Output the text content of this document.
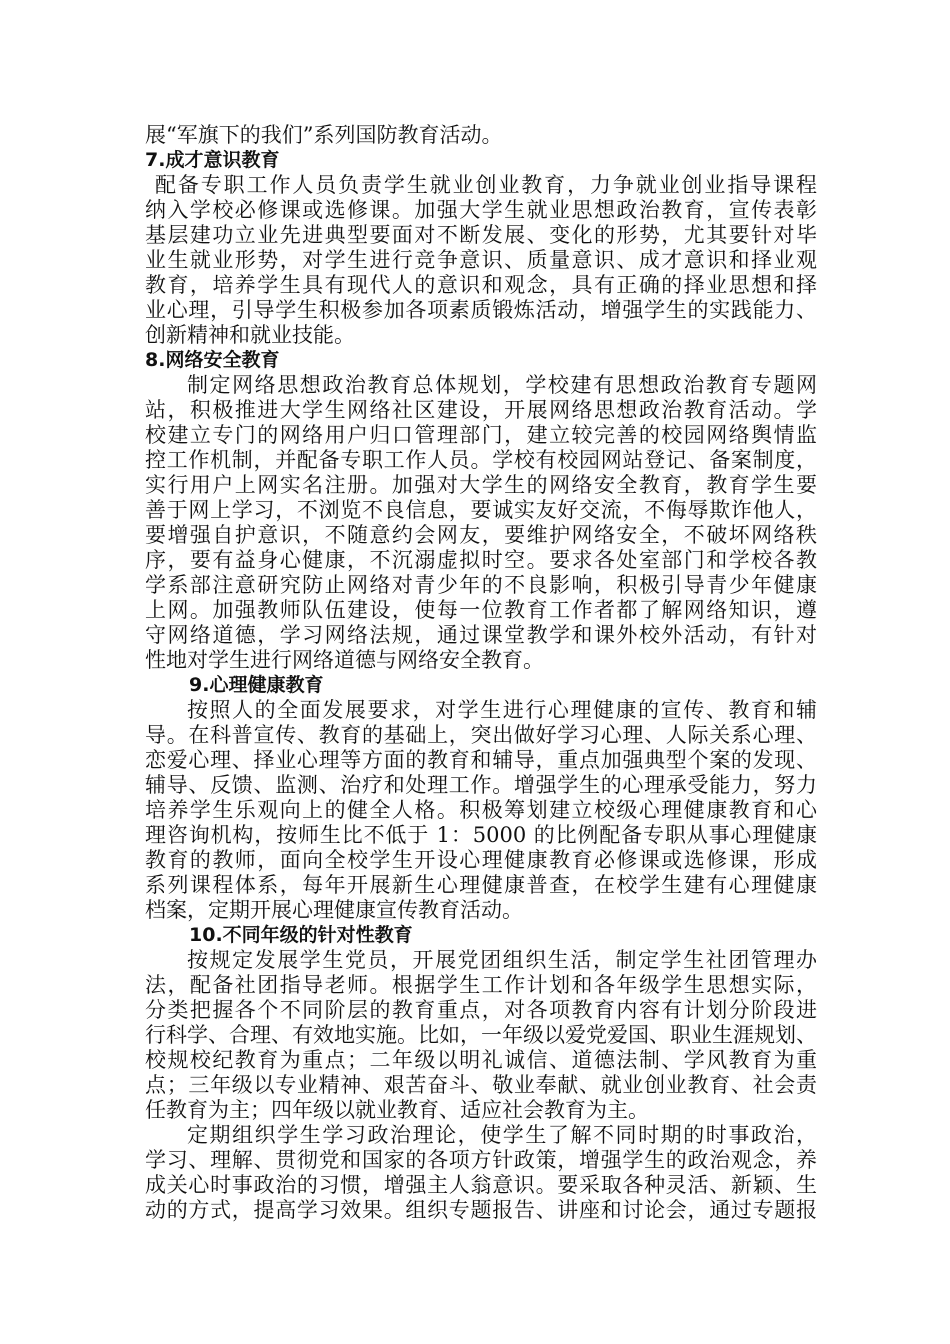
展“军旗下的我们”系列国防教育活动。
7.成才意识教育
配备专职工作人员负责学生就业创业教育，力争就业创业指导课程
纳入学校必修课或选修课。加强大学生就业思想政治教育，宣传表彰
基层建功立业先进典型要面对不断发展、变化的形势，尤其要针对毕
业生就业形势，对学生进行竞争意识、质量意识、成才意识和择业观
教育，培养学生具有现代人的意识和观念，具有正确的择业思想和择
业心理，引导学生积极参加各项素质锻炼活动，增强学生的实践能力、
创新精神和就业技能。
8.网络安全教育
制定网络思想政治教育总体规划，学校建有思想政治教育专题网
站，积极推进大学生网络社区建设，开展网络思想政治教育活动。学
校建立专门的网络用户归口管理部门，建立较完善的校园网络舆情监
控工作机制，并配备专职工作人员。学校有校园网站登记、备案制度，
实行用户上网实名注册。加强对大学生的网络安全教育，教育学生要
善于网上学习，不浏览不良信息，要诚实友好交流，不侮辱欺诈他人，
要增强自护意识，不随意约会网友，要维护网络安全，不破坏网络秩
序，要有益身心健康，不沉溺虚拟时空。要求各处室部门和学校各教
学系部注意研究防止网络对青少年的不良影响，积极引导青少年健康
上网。加强教师队伍建设，使每一位教育工作者都了解网络知识，遵
守网络道德，学习网络法规，通过课堂教学和课外校外活动，有针对
性地对学生进行网络道德与网络安全教育。
9.心理健康教育
按照人的全面发展要求，对学生进行心理健康的宣传、教育和辅
导。在科普宣传、教育的基础上，突出做好学习心理、人际关系心理、
恋爱心理、择业心理等方面的教育和辅导，重点加强典型个案的发现、
辅导、反馈、监测、治疗和处理工作。增强学生的心理承受能力，努力
培养学生乐观向上的健全人格。积极筹划建立校级心理健康教育和心
理咨询机构，按师生比不低于 1：5000 的比例配备专职从事心理健康
教育的教师，面向全校学生开设心理健康教育必修课或选修课，形成
系列课程体系，每年开展新生心理健康普查，在校学生建有心理健康
档案，定期开展心理健康宣传教育活动。
10.不同年级的针对性教育
按规定发展学生党员，开展党团组织生活，制定学生社团管理办
法，配备社团指导老师。根据学生工作计划和各年级学生思想实际，
分类把握各个不同阶层的教育重点，对各项教育内容有计划分阶段进
行科学、合理、有效地实施。比如，一年级以爱党爱国、职业生涯规划、
校规校纪教育为重点；二年级以明礼诚信、道德法制、学风教育为重
点；三年级以专业精神、艰苦奋斗、敬业奉献、就业创业教育、社会责
任教育为主；四年级以就业教育、适应社会教育为主。
定期组织学生学习政治理论，使学生了解不同时期的时事政治，
学习、理解、贯彻党和国家的各项方针政策，增强学生的政治观念，养
成关心时事政治的习惯，增强主人翁意识。要采取各种灵活、新颖、生
动的方式，提高学习效果。组织专题报告、讲座和讨论会，通过专题报
